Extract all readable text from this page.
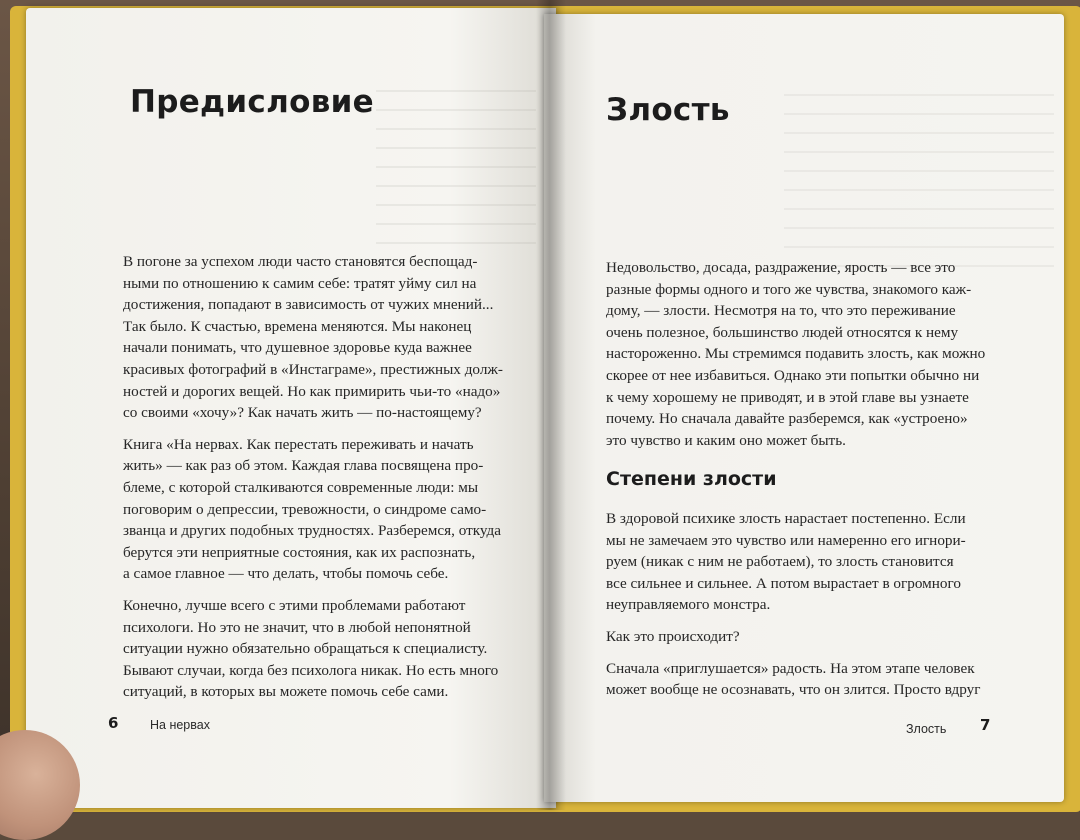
Предисловие

В погоне за успехом люди часто становятся беспощад-
ными по отношению к самим себе: тратят уйму сил на
достижения, попадают в зависимость от чужих мнений...
Так было. К счастью, времена меняются. Мы наконец
начали понимать, что душевное здоровье куда важнее
красивых фотографий в «Инстаграме», престижных долж-
ностей и дорогих вещей. Но как примирить чьи-то «надо»
со своими «хочу»? Как начать жить — по-настоящему?

Книга «На нервах. Как перестать переживать и начать
жить» — как раз об этом. Каждая глава посвящена про-
блеме, с которой сталкиваются современные люди: мы
поговорим о депрессии, тревожности, о синдроме само-
званца и других подобных трудностях. Разберемся, откуда
берутся эти неприятные состояния, как их распознать,
а самое главное — что делать, чтобы помочь себе.

Конечно, лучше всего с этими проблемами работают
психологи. Но это не значит, что в любой непонятной
ситуации нужно обязательно обращаться к специалисту.
Бывают случаи, когда без психолога никак. Но есть много
ситуаций, в которых вы можете помочь себе сами.

6	На нервах
Злость

Недовольство, досада, раздражение, ярость — все это
разные формы одного и того же чувства, знакомого каж-
дому, — злости. Несмотря на то, что это переживание
очень полезное, большинство людей относятся к нему
настороженно. Мы стремимся подавить злость, как можно
скорее от нее избавиться. Однако эти попытки обычно ни
к чему хорошему не приводят, и в этой главе вы узнаете
почему. Но сначала давайте разберемся, как «устроено»
это чувство и каким оно может быть.

Степени злости

В здоровой психике злость нарастает постепенно. Если
мы не замечаем это чувство или намеренно его игнори-
руем (никак с ним не работаем), то злость становится
все сильнее и сильнее. А потом вырастает в огромного
неуправляемого монстра.

Как это происходит?

Сначала «приглушается» радость. На этом этапе человек
может вообще не осознавать, что он злится. Просто вдруг

Злость 7
